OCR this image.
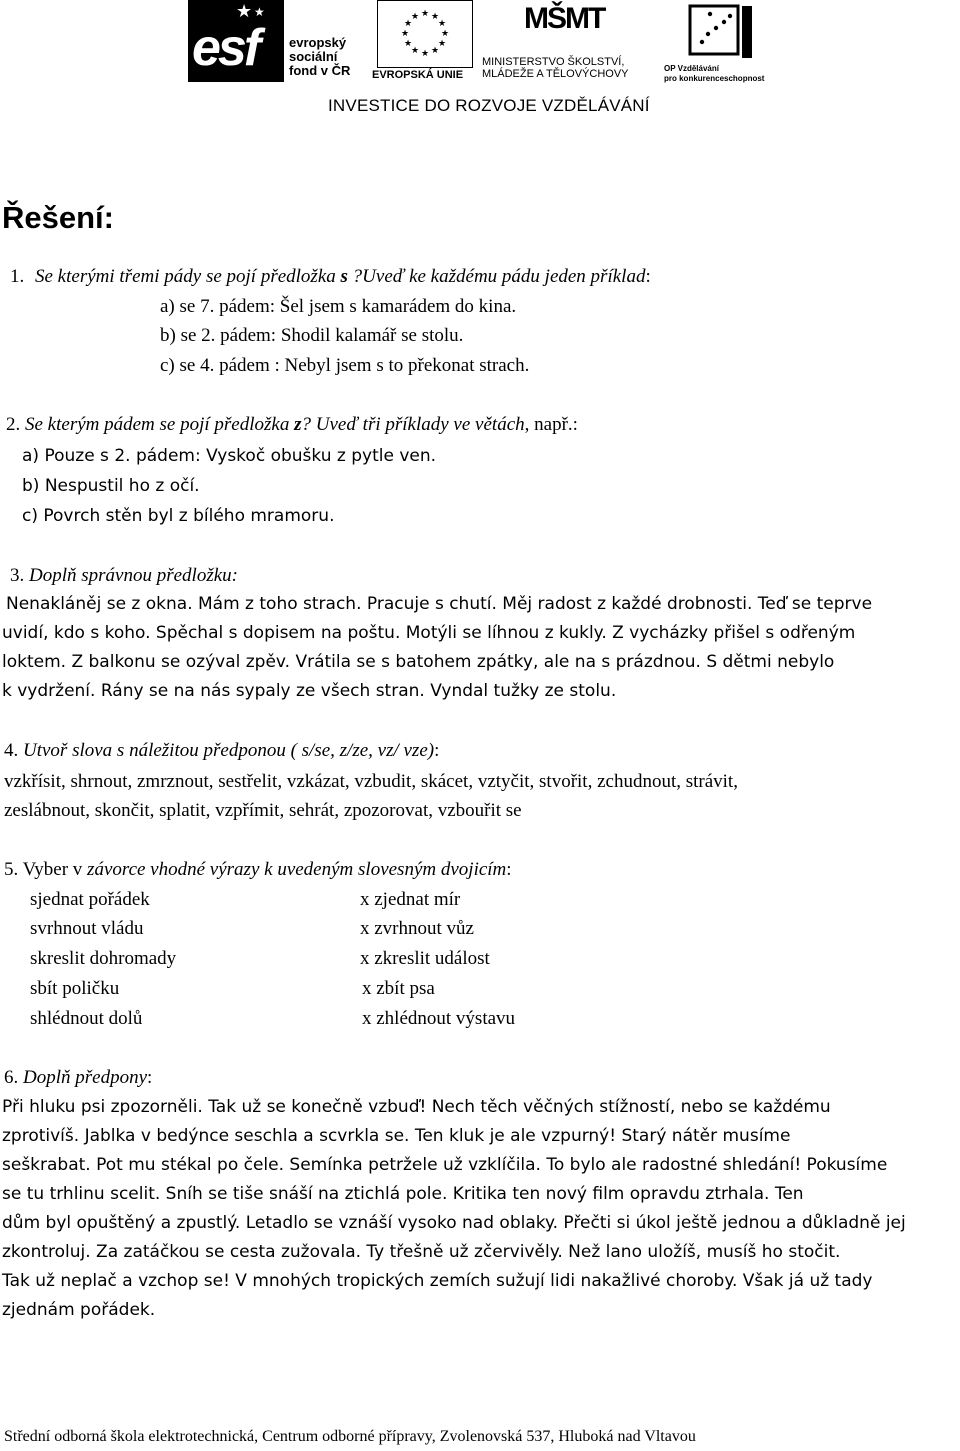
esf
★ ★
evropský
sociální
fond v ČR
★ ★
★
★
★
★
★
★
★
★
★
★
EVROPSKÁ UNIE
MŠMT
MINISTERSTVO ŠKOLSTVÍ,
MLÁDEŽE A TĚLOVÝCHOVY	OP Vzdělávání
pro konkurenceschopnost
INVESTICE DO ROZVOJE VZDĚLÁVÁNÍ
Řešení:
1. Se kterými třemi pády se pojí předložka s ?Uveď ke každému pádu jeden příklad:
a) se 7. pádem: Šel jsem s kamarádem do kina.
b) se 2. pádem: Shodil kalamář se stolu.
c) se 4. pádem : Nebyl jsem s to překonat strach.
2. Se kterým pádem se pojí předložka z? Uveď tři příklady ve větách, např.:
a) Pouze s 2. pádem: Vyskoč obušku z pytle ven.
b) Nespustil ho z očí.
c) Povrch stěn byl z bílého mramoru.
3. Doplň správnou předložku:
Nenakláněj se z okna. Mám z toho strach. Pracuje s chutí. Měj radost z každé drobnosti. Teď se teprve
uvidí, kdo s koho. Spěchal s dopisem na poštu. Motýli se líhnou z kukly. Z vycházky přišel s odřeným
loktem. Z balkonu se ozýval zpěv. Vrátila se s batohem zpátky, ale na s prázdnou. S dětmi nebylo
k vydržení. Rány se na nás sypaly ze všech stran. Vyndal tužky ze stolu.
4. Utvoř slova s náležitou předponou ( s/se, z/ze, vz/ vze):
vzkřísit, shrnout, zmrznout, sestřelit, vzkázat, vzbudit, skácet, vztyčit, stvořit, zchudnout, strávit,
zeslábnout, skončit, splatit, vzpřímit, sehrát, zpozorovat, vzbouřit se
5. Vyber v závorce vhodné výrazy k uvedeným slovesným dvojicím:
sjednat pořádek	x zjednat mír
svrhnout vládu	x zvrhnout vůz
skreslit dohromady	x zkreslit událost
sbít poličku	x zbít psa
shlédnout dolů	x zhlédnout výstavu
6. Doplň předpony:
Při hluku psi zpozorněli. Tak už se konečně vzbuď! Nech těch věčných stížností, nebo se každému
zprotivíš. Jablka v bedýnce seschla a scvrkla se. Ten kluk je ale vzpurný! Starý nátěr musíme
seškrabat. Pot mu stékal po čele. Semínka petržele už vzklíčila. To bylo ale radostné shledání! Pokusíme
se tu trhlinu scelit. Sníh se tiše snáší na ztichlá pole. Kritika ten nový film opravdu ztrhala. Ten
dům byl opuštěný a zpustlý. Letadlo se vznáší vysoko nad oblaky. Přečti si úkol ještě jednou a důkladně jej
zkontroluj. Za zatáčkou se cesta zužovala. Ty třešně už zčervivěly. Než lano uložíš, musíš ho stočit.
Tak už neplač a vzchop se! V mnohých tropických zemích sužují lidi nakažlivé choroby. Však já už tady
zjednám pořádek.
Střední odborná škola elektrotechnická, Centrum odborné přípravy, Zvolenovská 537, Hluboká nad Vltavou
